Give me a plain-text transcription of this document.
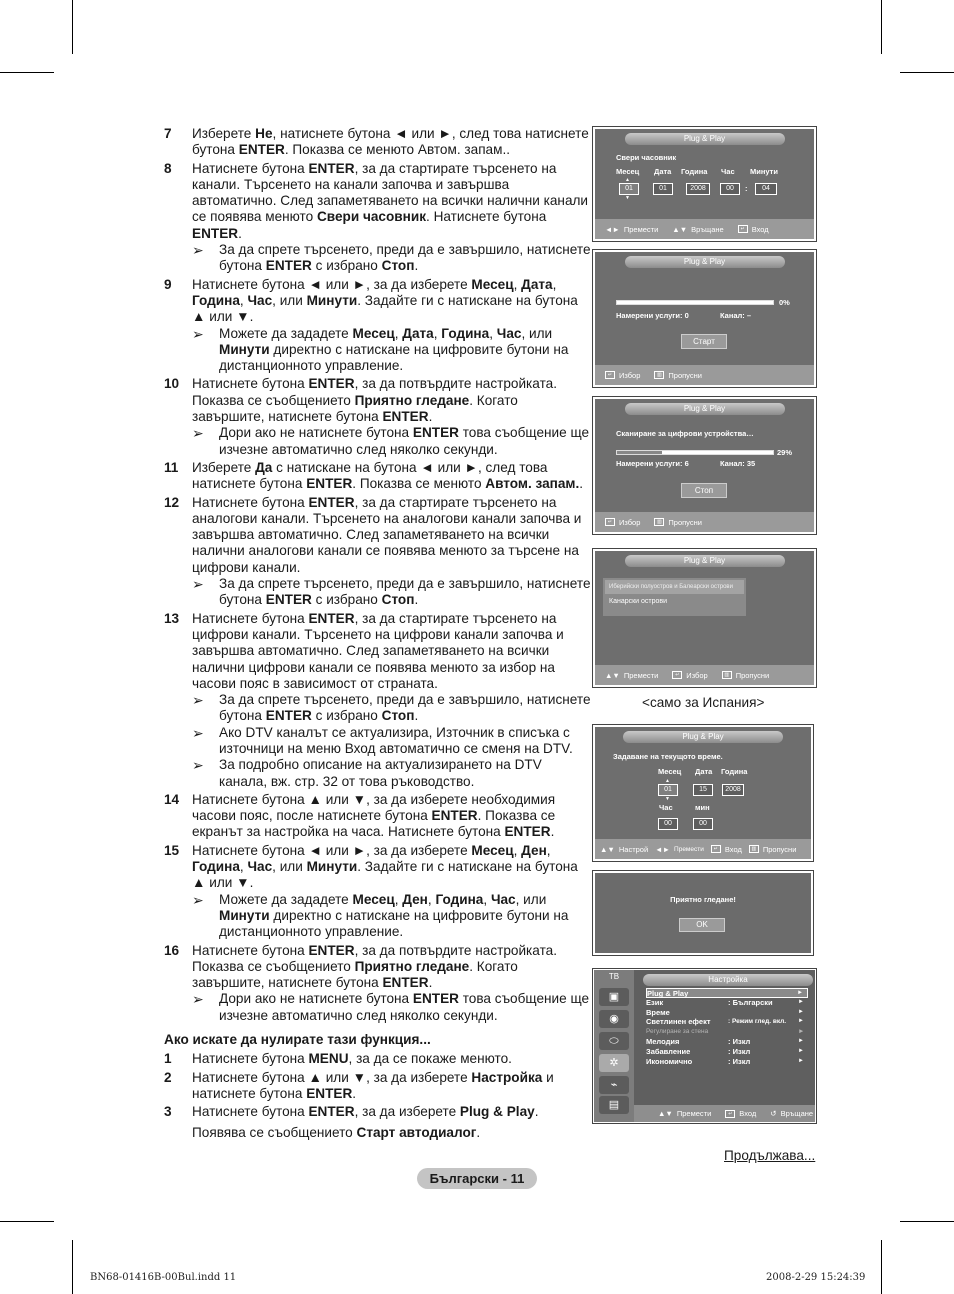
7 Изберете Не, натиснете бутона ◄ или ►, след това натиснете бутона ENTER. Показва се менюто Автом. запам..
8 Натиснете бутона ENTER, за да стартирате търсенето на канали. Търсенето на канали започва и завършва автоматично. След запаметяването на всички налични канали се появява менюто Свери часовник. Натиснете бутона ENTER.
➢ За да спрете търсенето, преди да е завършило, натиснете бутона ENTER с избрано Стоп.
9 Натиснете бутона ◄ или ►, за да изберете Месец, Дата, Година, Час, или Минути. Задайте ги с натискане на бутона ▲ или ▼.
➢ Можете да зададете Месец, Дата, Година, Час, или Минути директно с натискане на цифровите бутони на дистанционното управление.
10 Натиснете бутона ENTER, за да потвърдите настройката. Показва се съобщението Приятно гледане. Когато завършите, натиснете бутона ENTER.
➢ Дори ако не натиснете бутона ENTER това съобщение ще изчезне автоматично след няколко секунди.
11 Изберете Да с натискане на бутона ◄ или ►, след това натиснете бутона ENTER. Показва се менюто Автом. запам..
12 Натиснете бутона ENTER, за да стартирате търсенето на аналогови канали. Търсенето на аналогови канали започва и завършва автоматично. След запаметяването на всички налични аналогови канали се появява менюто за търсене на цифрови канали.
➢ За да спрете търсенето, преди да е завършило, натиснете бутона ENTER с избрано Стоп.
13 Натиснете бутона ENTER, за да стартирате търсенето на цифрови канали. Търсенето на цифрови канали започва и завършва автоматично. След запаметяването на всички налични цифрови канали се появява менюто за избор на часови пояс в зависимост от страната.
➢ За да спрете търсенето, преди да е завършило, натиснете бутона ENTER с избрано Стоп.
➢ Ако DTV каналът се актуализира, Източник в списъка с източници на меню Вход автоматично се сменя на DTV.
➢ За подробно описание на актуализирането на DTV канала, вж. стр. 32 от това ръководство.
14 Натиснете бутона ▲ или ▼, за да изберете необходимия часови пояс, после натиснете бутона ENTER. Показва се екранът за настройка на часа. Натиснете бутона ENTER.
15 Натиснете бутона ◄ или ►, за да изберете Месец, Ден, Година, Час, или Минути. Задайте ги с натискане на бутона ▲ или ▼.
➢ Можете да зададете Месец, Ден, Година, Час, или Минути директно с натискане на цифровите бутони на дистанционното управление.
16 Натиснете бутона ENTER, за да потвърдите настройката. Показва се съобщението Приятно гледане. Когато завършите, натиснете бутона ENTER.
➢ Дори ако не натиснете бутона ENTER това съобщение ще изчезне автоматично след няколко секунди.
Ако искате да нулирате тази функция...
1 Натиснете бутона MENU, за да се покаже менюто.
2 Натиснете бутона ▲ или ▼, за да изберете Настройка и натиснете бутона ENTER.
3 Натиснете бутона ENTER, за да изберете Plug & Play.
Появява се съобщението Старт автодиалог.
Plug & Play
Свери часовник
Месец Дата Година Час Минути
▲
01
▼
01	2008	00	:	04
◄► Премести ▲▼ Връщане	↵ Вход
Plug & Play
0%
Намерени услуги: 0	Канал: –
Старт
↵ Избор	▥ Пропусни
Plug & Play
Сканиране за цифрови устройства…
29%
Намерени услуги: 6	Канал: 35
Стоп
↵ Избор	▥ Пропусни
Plug & Play
Иберийски полуостров и Балеарски острови
Канарски острови
▲▼ Премести	↵ Избор	▥ Пропусни
<само за Испания>
Plug & Play
Задаване на текущото време.
Месец Дата Година
▲
01
▼
15	2008
Час	мин
00	00
▲▼ Настрой ◄► Премести	↵ Вход	▥ Пропусни
Приятно гледане!
OK
ТВ
▣
◉
⬭
✲
⌁
▤
Настройка
Plug & Play	►
Език	: Български	►
Време	►
Светлинен ефект	: Режим глед. вкл.	►
Регулиране за стена	►
Мелодия	: Изкл	►
Забавление	: Изкл	►
Икономично	: Изкл	►
▲▼ Премести	↵ Вход ↺ Връщане
Продължава...
Български - 11
BN68-01416B-00Bul.indd 11	2008-2-29 15:24:39
